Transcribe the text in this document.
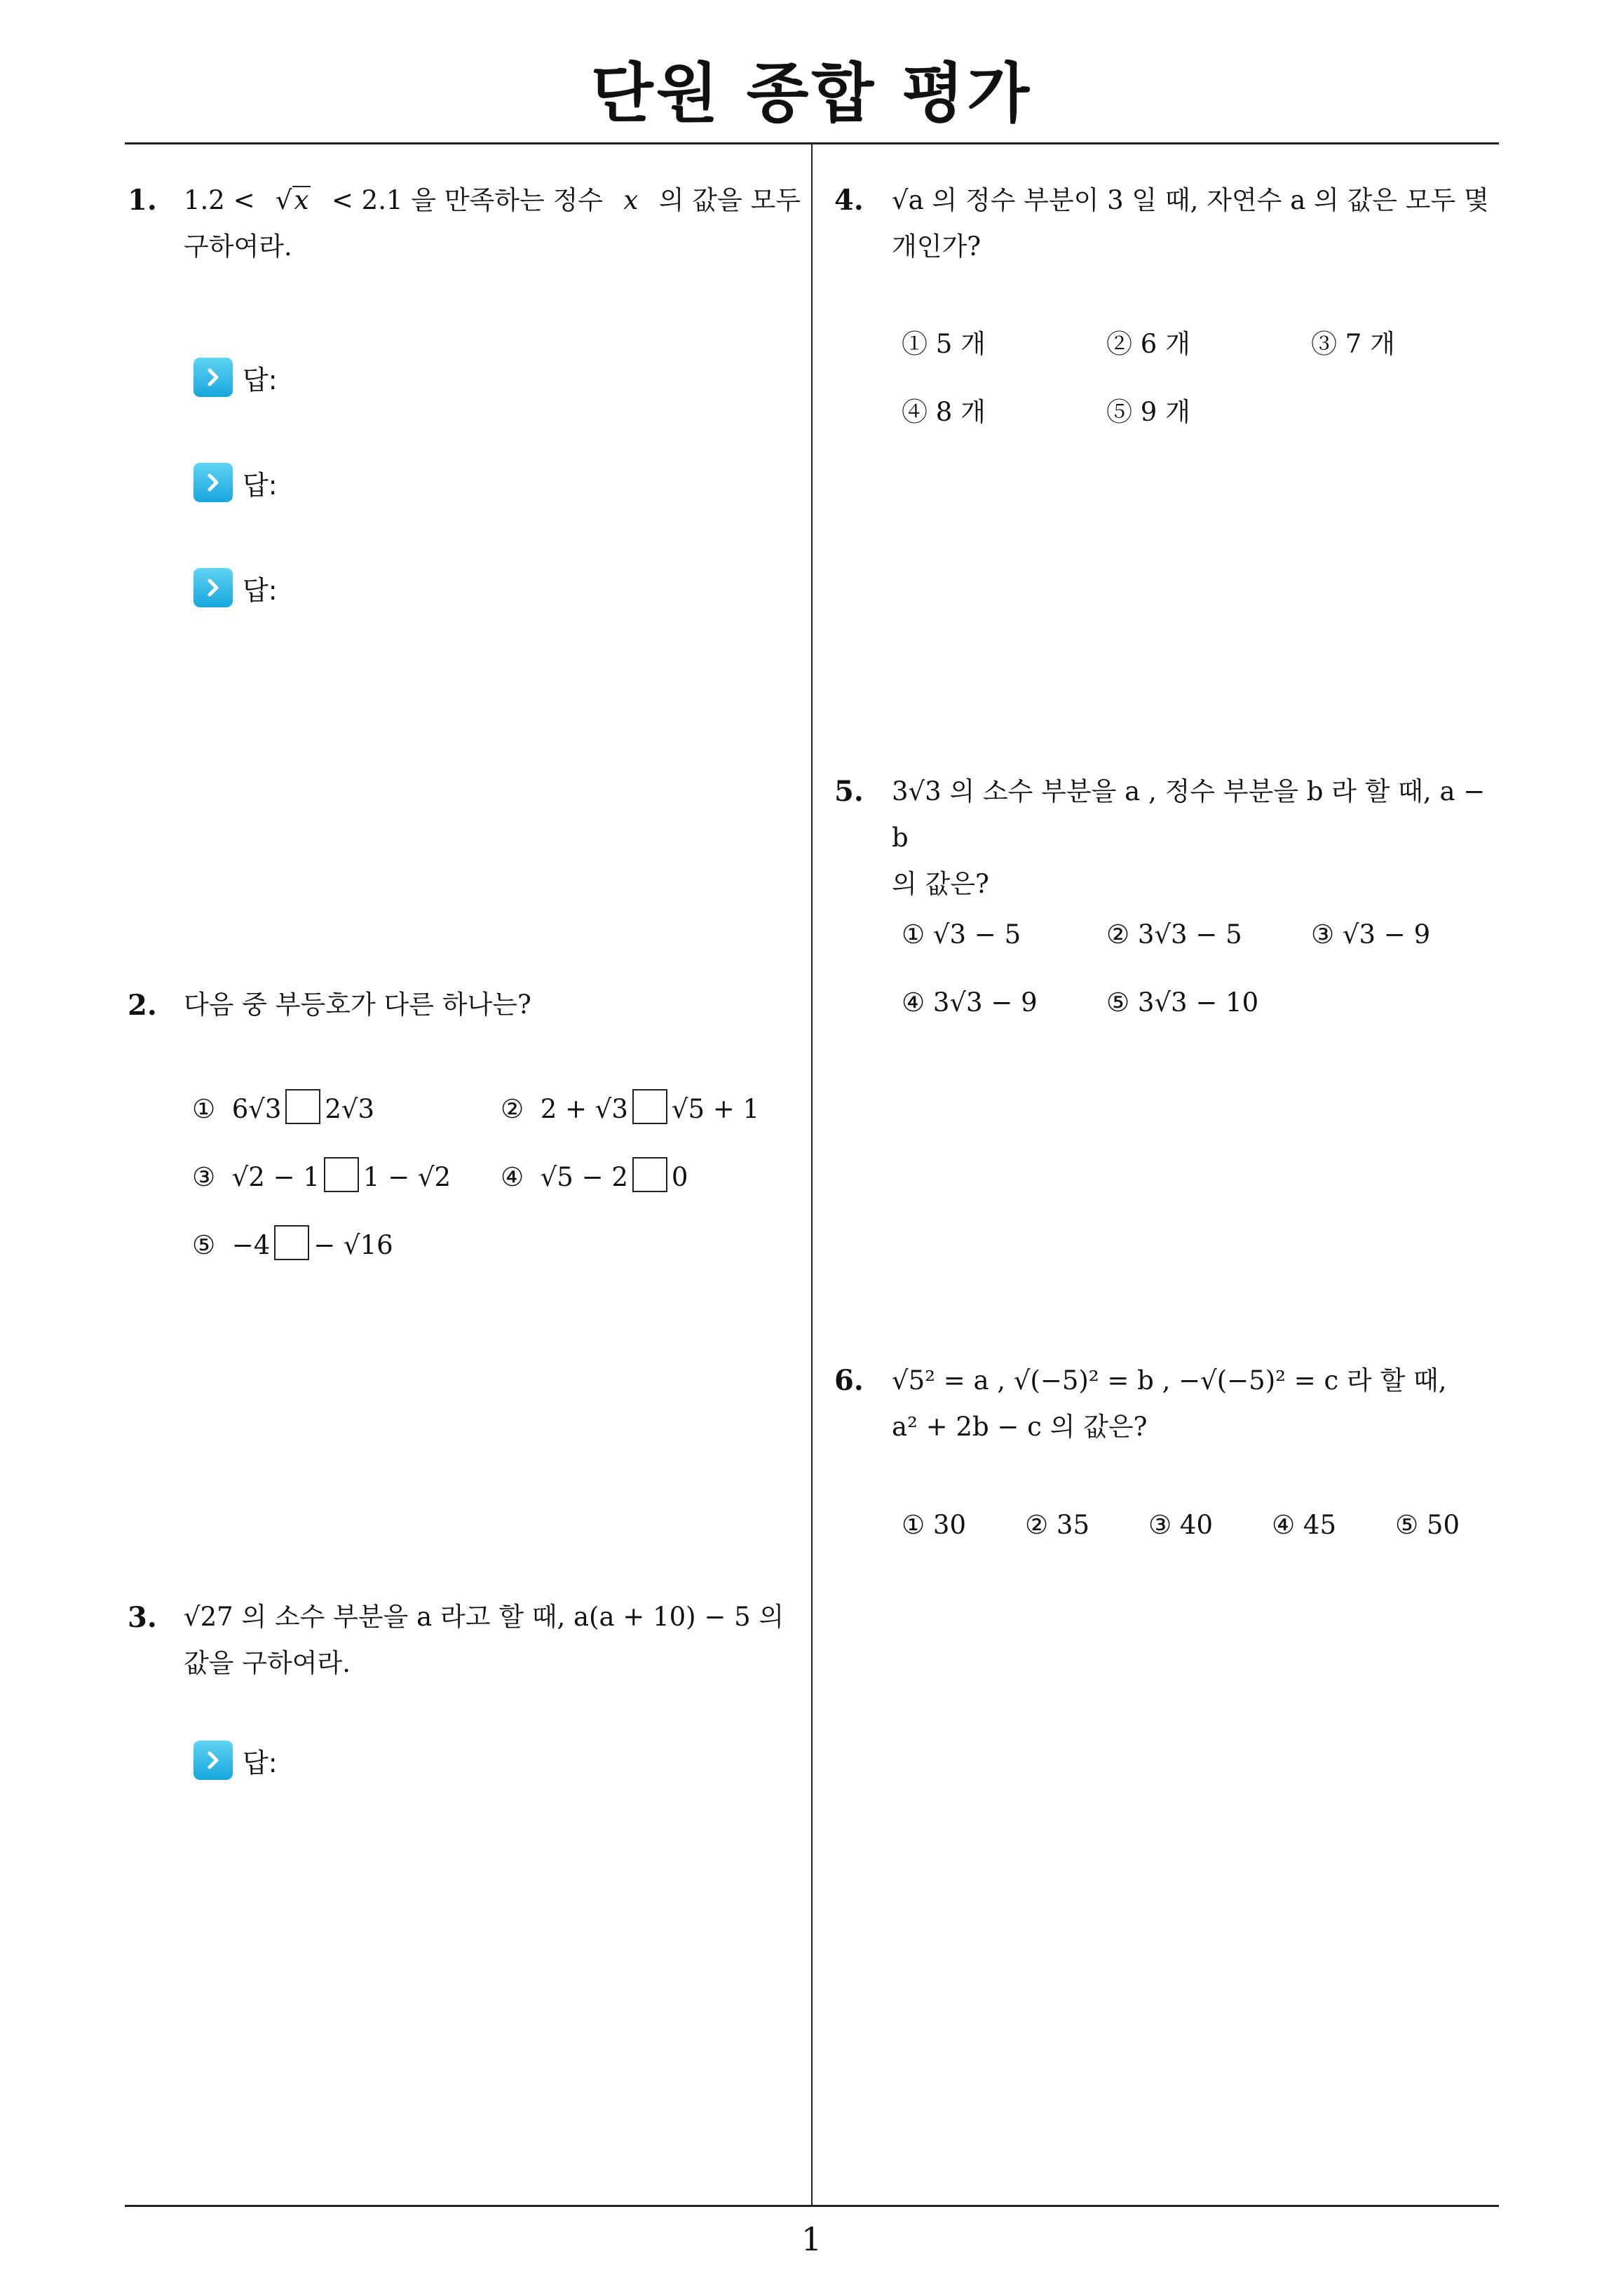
단원 종합 평가
1
1. 1.2 < √x < 2.1 을 만족하는 정수 x 의 값을 모두
구하여라.
답:
답:
답:
2. 다음 중 부등호가 다른 하나는?
① 6√3 2√3	② 2 + √3 √5 + 1
③ √2 − 1 1 − √2 ④ √5 − 2 0
⑤ −4 − √16
3. √27 의 소수 부분을 a 라고 할 때, a(a + 10) − 5 의
값을 구하여라.
답:
4. √a 의 정수 부분이 3 일 때, 자연수 a 의 값은 모두 몇
개인가?
① 5 개	② 6 개	③ 7 개
④ 8 개	⑤ 9 개
5. 3√3 의 소수 부분을 a , 정수 부분을 b 라 할 때, a − b
의 값은?
① √3 − 5	② 3√3 − 5	③ √3 − 9
④ 3√3 − 9	⑤ 3√3 − 10
6. √5² = a , √(−5)² = b , −√(−5)² = c 라 할 때,
a² + 2b − c 의 값은?
① 30 ② 35 ③ 40 ④ 45 ⑤ 50
